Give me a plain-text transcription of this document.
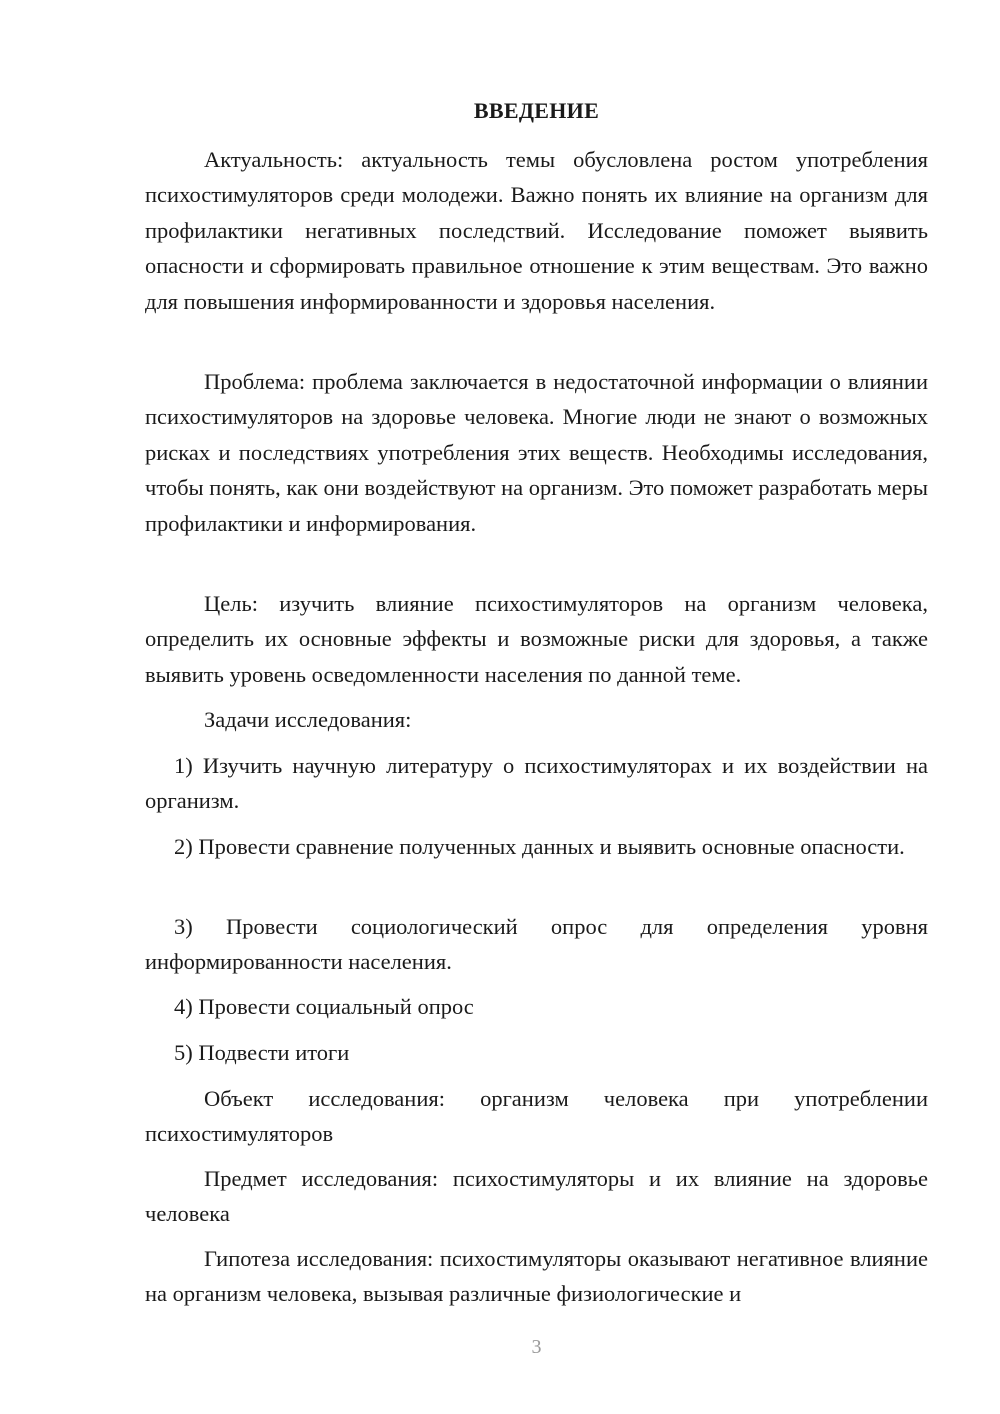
ВВЕДЕНИЕ

Актуальность: актуальность темы обусловлена ростом употребления психостимуляторов среди молодежи. Важно понять их влияние на организм для профилактики негативных последствий. Исследование поможет выявить опасности и сформировать правильное отношение к этим веществам. Это важно для повышения информированности и здоровья населения.

Проблема: проблема заключается в недостаточной информации о влиянии психостимуляторов на здоровье человека. Многие люди не знают о возможных рисках и последствиях употребления этих веществ. Необходимы исследования, чтобы понять, как они воздействуют на организм. Это поможет разработать меры профилактики и информирования.

Цель: изучить влияние психостимуляторов на организм человека, определить их основные эффекты и возможные риски для здоровья, а также выявить уровень осведомленности населения по данной теме.

Задачи исследования:

1) Изучить научную литературу о психостимуляторах и их воздействии на организм.

2) Провести сравнение полученных данных и выявить основные опасности.

3) Провести социологический опрос для определения уровня информированности населения.

4) Провести социальный опрос

5) Подвести итоги

Объект исследования: организм человека при употреблении психостимуляторов

Предмет исследования: психостимуляторы и их влияние на здоровье человека

Гипотеза исследования: психостимуляторы оказывают негативное влияние на организм человека, вызывая различные физиологические и

3
